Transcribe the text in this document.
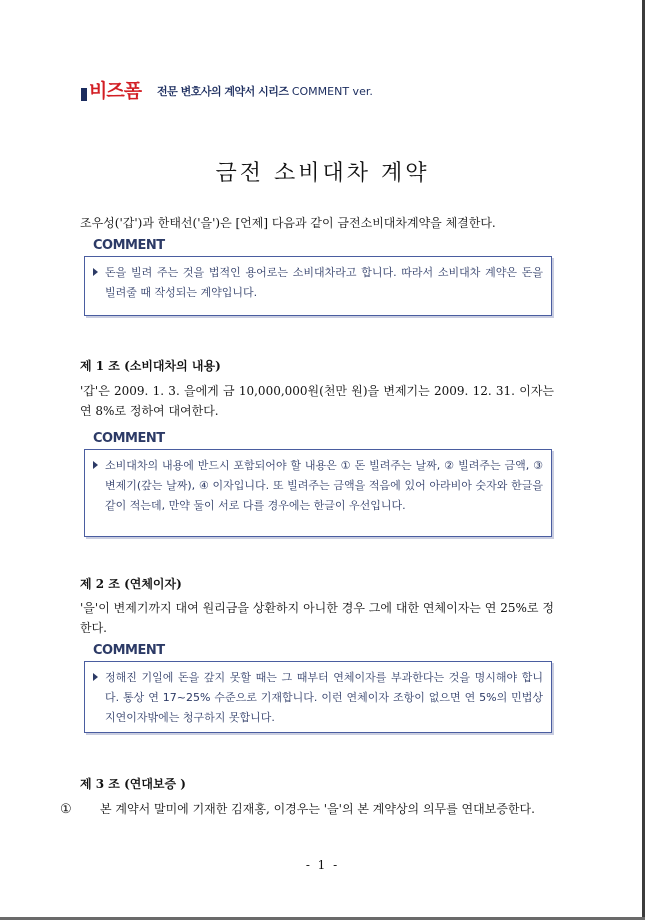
비즈폼 전문 변호사의 계약서 시리즈 COMMENT ver.
금전 소비대차 계약
조우성('갑')과 한태선('을')은 [언제] 다음과 같이 금전소비대차계약을 체결한다.
COMMENT
돈을 빌려 주는 것을 법적인 용어로는 소비대차라고 합니다. 따라서 소비대차 계약은 돈을 빌려줄 때 작성되는 계약입니다.
제 1 조 (소비대차의 내용)
'갑'은 2009. 1. 3. 을에게 금 10,000,000원(천만 원)을 변제기는 2009. 12. 31. 이자는 연 8%로 정하여 대여한다.
COMMENT
소비대차의 내용에 반드시 포함되어야 할 내용은 ① 돈 빌려주는 날짜, ② 빌려주는 금액, ③ 변제기(갚는 날짜), ④ 이자입니다. 또 빌려주는 금액을 적음에 있어 아라비아 숫자와 한글을 같이 적는데, 만약 둘이 서로 다를 경우에는 한글이 우선입니다.
제 2 조 (연체이자)
'을'이 변제기까지 대여 원리금을 상환하지 아니한 경우 그에 대한 연체이자는 연 25%로 정한다.
COMMENT
정해진 기일에 돈을 갚지 못할 때는 그 때부터 연체이자를 부과한다는 것을 명시해야 합니다. 통상 연 17~25% 수준으로 기재합니다. 이런 연체이자 조항이 없으면 연 5%의 민법상 지연이자밖에는 청구하지 못합니다.
제 3 조 (연대보증 )
① 본 계약서 말미에 기재한 김재홍, 이경우는 '을'의 본 계약상의 의무를 연대보증한다.
- 1 -
